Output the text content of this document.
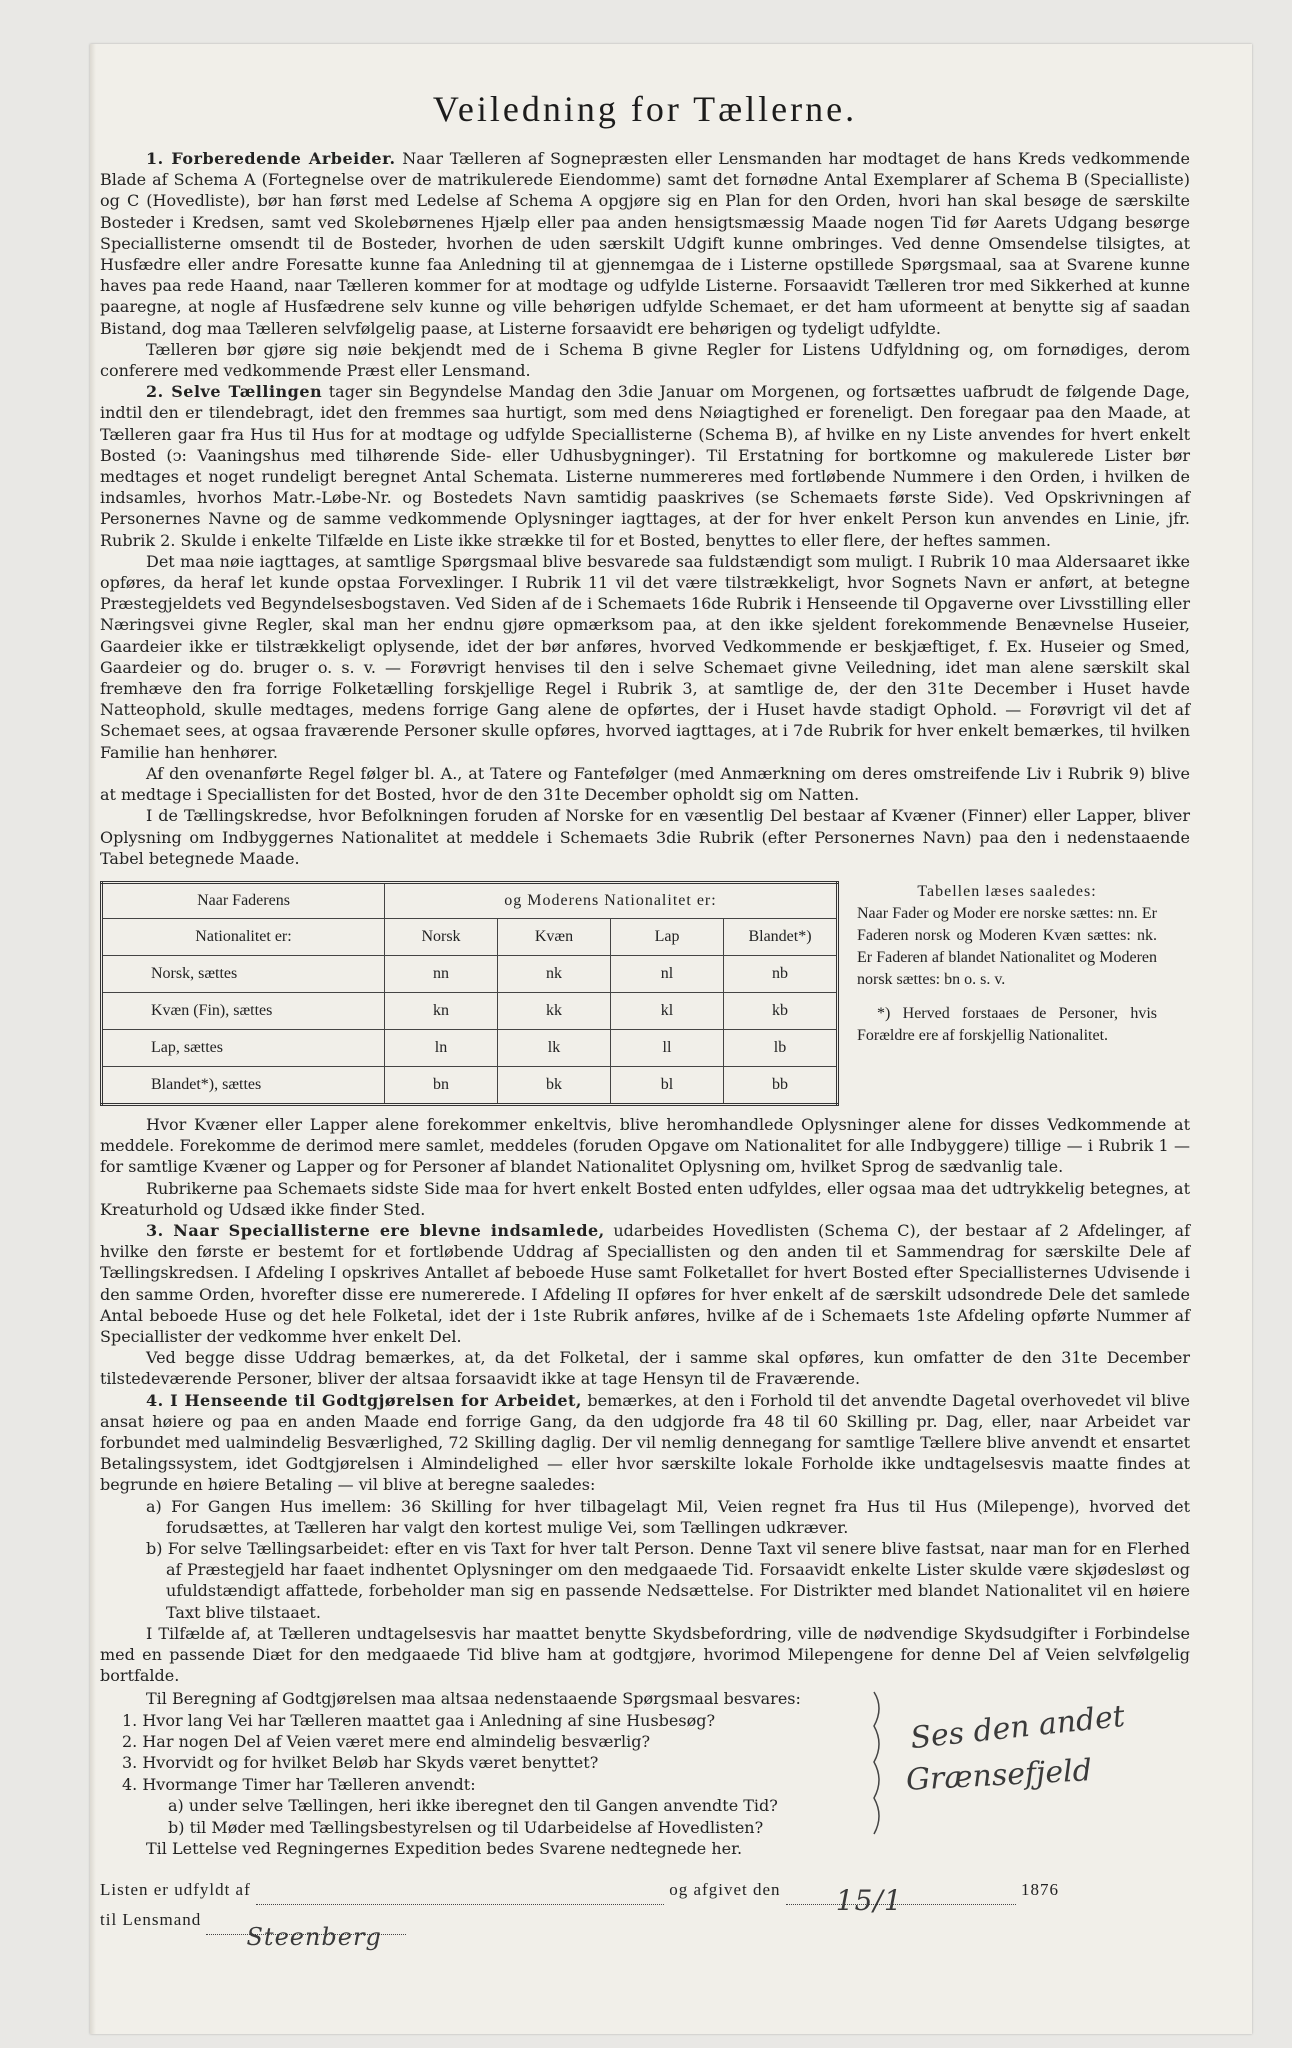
Veiledning for Tællerne.

1. Forberedende Arbeider. Naar Tælleren af Sognepræsten eller Lensmanden har modtaget de hans Kreds vedkommende Blade af Schema A (Fortegnelse over de matrikulerede Eiendomme) samt det fornødne Antal Exemplarer af Schema B (Specialliste) og C (Hovedliste), bør han først med Ledelse af Schema A opgjøre sig en Plan for den Orden, hvori han skal besøge de særskilte Bosteder i Kredsen, samt ved Skolebørnenes Hjælp eller paa anden hensigtsmæssig Maade nogen Tid før Aarets Udgang besørge Speciallisterne omsendt til de Bosteder, hvorhen de uden særskilt Udgift kunne ombringes. Ved denne Omsendelse tilsigtes, at Husfædre eller andre Foresatte kunne faa Anledning til at gjennemgaa de i Listerne opstillede Spørgsmaal, saa at Svarene kunne haves paa rede Haand, naar Tælleren kommer for at modtage og udfylde Listerne. Forsaavidt Tælleren tror med Sikkerhed at kunne paaregne, at nogle af Husfædrene selv kunne og ville behørigen udfylde Schemaet, er det ham uformeent at benytte sig af saadan Bistand, dog maa Tælleren selvfølgelig paase, at Listerne forsaavidt ere behørigen og tydeligt udfyldte.

Tælleren bør gjøre sig nøie bekjendt med de i Schema B givne Regler for Listens Udfyldning og, om fornødiges, derom conferere med vedkommende Præst eller Lensmand.

2. Selve Tællingen tager sin Begyndelse Mandag den 3die Januar om Morgenen, og fortsættes uafbrudt de følgende Dage, indtil den er tilendebragt, idet den fremmes saa hurtigt, som med dens Nøiagtighed er foreneligt. Den foregaar paa den Maade, at Tælleren gaar fra Hus til Hus for at modtage og udfylde Speciallisterne (Schema B), af hvilke en ny Liste anvendes for hvert enkelt Bosted (ↄ: Vaaningshus med tilhørende Side- eller Udhusbygninger). Til Erstatning for bortkomne og makulerede Lister bør medtages et noget rundeligt beregnet Antal Schemata. Listerne nummereres med fortløbende Nummere i den Orden, i hvilken de indsamles, hvorhos Matr.-Løbe-Nr. og Bostedets Navn samtidig paaskrives (se Schemaets første Side). Ved Opskrivningen af Personernes Navne og de samme vedkommende Oplysninger iagttages, at der for hver enkelt Person kun anvendes en Linie, jfr. Rubrik 2. Skulde i enkelte Tilfælde en Liste ikke strække til for et Bosted, benyttes to eller flere, der heftes sammen.

Det maa nøie iagttages, at samtlige Spørgsmaal blive besvarede saa fuldstændigt som muligt. I Rubrik 10 maa Aldersaaret ikke opføres, da heraf let kunde opstaa Forvexlinger. I Rubrik 11 vil det være tilstrækkeligt, hvor Sognets Navn er anført, at betegne Præstegjeldets ved Begyndelsesbogstaven. Ved Siden af de i Schemaets 16de Rubrik i Henseende til Opgaverne over Livsstilling eller Næringsvei givne Regler, skal man her endnu gjøre opmærksom paa, at den ikke sjeldent forekommende Benævnelse Huseier, Gaardeier ikke er tilstrækkeligt oplysende, idet der bør anføres, hvorved Vedkommende er beskjæftiget, f. Ex. Huseier og Smed, Gaardeier og do. bruger o. s. v. — Forøvrigt henvises til den i selve Schemaet givne Veiledning, idet man alene særskilt skal fremhæve den fra forrige Folketælling forskjellige Regel i Rubrik 3, at samtlige de, der den 31te December i Huset havde Natteophold, skulle medtages, medens forrige Gang alene de opførtes, der i Huset havde stadigt Ophold. — Forøvrigt vil det af Schemaet sees, at ogsaa fraværende Personer skulle opføres, hvorved iagttages, at i 7de Rubrik for hver enkelt bemærkes, til hvilken Familie han henhører.

Af den ovenanførte Regel følger bl. A., at Tatere og Fantefølger (med Anmærkning om deres omstreifende Liv i Rubrik 9) blive at medtage i Speciallisten for det Bosted, hvor de den 31te December opholdt sig om Natten.

I de Tællingskredse, hvor Befolkningen foruden af Norske for en væsentlig Del bestaar af Kvæner (Finner) eller Lapper, bliver Oplysning om Indbyggernes Nationalitet at meddele i Schemaets 3die Rubrik (efter Personernes Navn) paa den i nedenstaaende Tabel betegnede Maade.

Naar Faderens	og Moderens Nationalitet er:			
Nationalitet er:	Norsk	Kvæn	Lap	Blandet*)
Norsk, sættes	nn	nk	nl	nb
Kvæn (Fin), sættes	kn	kk	kl	kb
Lap, sættes	ln	lk	ll	lb
Blandet*), sættes	bn	bk	bl	bb
Tabellen læses saaledes:
Naar Fader og Moder ere norske sættes: nn. Er Faderen norsk og Moderen Kvæn sættes: nk. Er Faderen af blandet Nationalitet og Moderen norsk sættes: bn o. s. v.
*) Herved forstaaes de Personer, hvis Forældre ere af forskjellig Nationalitet.

Hvor Kvæner eller Lapper alene forekommer enkeltvis, blive heromhandlede Oplysninger alene for disses Vedkommende at meddele. Forekomme de derimod mere samlet, meddeles (foruden Opgave om Nationalitet for alle Indbyggere) tillige — i Rubrik 1 — for samtlige Kvæner og Lapper og for Personer af blandet Nationalitet Oplysning om, hvilket Sprog de sædvanlig tale.

Rubrikerne paa Schemaets sidste Side maa for hvert enkelt Bosted enten udfyldes, eller ogsaa maa det udtrykkelig betegnes, at Kreaturhold og Udsæd ikke finder Sted.

3. Naar Speciallisterne ere blevne indsamlede, udarbeides Hovedlisten (Schema C), der bestaar af 2 Afdelinger, af hvilke den første er bestemt for et fortløbende Uddrag af Speciallisten og den anden til et Sammendrag for særskilte Dele af Tællingskredsen. I Afdeling I opskrives Antallet af beboede Huse samt Folketallet for hvert Bosted efter Speciallisternes Udvisende i den samme Orden, hvorefter disse ere numererede. I Afdeling II opføres for hver enkelt af de særskilt udsondrede Dele det samlede Antal beboede Huse og det hele Folketal, idet der i 1ste Rubrik anføres, hvilke af de i Schemaets 1ste Afdeling opførte Nummer af Speciallister der vedkomme hver enkelt Del.

Ved begge disse Uddrag bemærkes, at, da det Folketal, der i samme skal opføres, kun omfatter de den 31te December tilstedeværende Personer, bliver der altsaa forsaavidt ikke at tage Hensyn til de Fraværende.

4. I Henseende til Godtgjørelsen for Arbeidet, bemærkes, at den i Forhold til det anvendte Dagetal overhovedet vil blive ansat høiere og paa en anden Maade end forrige Gang, da den udgjorde fra 48 til 60 Skilling pr. Dag, eller, naar Arbeidet var forbundet med ualmindelig Besværlighed, 72 Skilling daglig. Der vil nemlig dennegang for samtlige Tællere blive anvendt et ensartet Betalingssystem, idet Godtgjørelsen i Almindelighed — eller hvor særskilte lokale Forholde ikke undtagelsesvis maatte findes at begrunde en høiere Betaling — vil blive at beregne saaledes:

a) For Gangen Hus imellem: 36 Skilling for hver tilbagelagt Mil, Veien regnet fra Hus til Hus (Milepenge), hvorved det forudsættes, at Tælleren har valgt den kortest mulige Vei, som Tællingen udkræver.

b) For selve Tællingsarbeidet: efter en vis Taxt for hver talt Person. Denne Taxt vil senere blive fastsat, naar man for en Flerhed af Præstegjeld har faaet indhentet Oplysninger om den medgaaede Tid. Forsaavidt enkelte Lister skulde være skjødesløst og ufuldstændigt affattede, forbeholder man sig en passende Nedsættelse. For Distrikter med blandet Nationalitet vil en høiere Taxt blive tilstaaet.

I Tilfælde af, at Tælleren undtagelsesvis har maattet benytte Skydsbefordring, ville de nødvendige Skydsudgifter i Forbindelse med en passende Diæt for den medgaaede Tid blive ham at godtgjøre, hvorimod Milepengene for denne Del af Veien selvfølgelig bortfalde.

Til Beregning af Godtgjørelsen maa altsaa nedenstaaende Spørgsmaal besvares:

1. Hvor lang Vei har Tælleren maattet gaa i Anledning af sine Husbesøg?
2. Har nogen Del af Veien været mere end almindelig besværlig?
3. Hvorvidt og for hvilket Beløb har Skyds været benyttet?
4. Hvormange Timer har Tælleren anvendt:
a) under selve Tællingen, heri ikke iberegnet den til Gangen anvendte Tid?
b) til Møder med Tællingsbestyrelsen og til Udarbeidelse af Hovedlisten?

Til Lettelse ved Regningernes Expedition bedes Svarene nedtegnede her.

Ses den andet
Grænsefjeld
Listen er udfyldt af	og afgivet den 15/1	1876
til Lensmand
Steenberg
